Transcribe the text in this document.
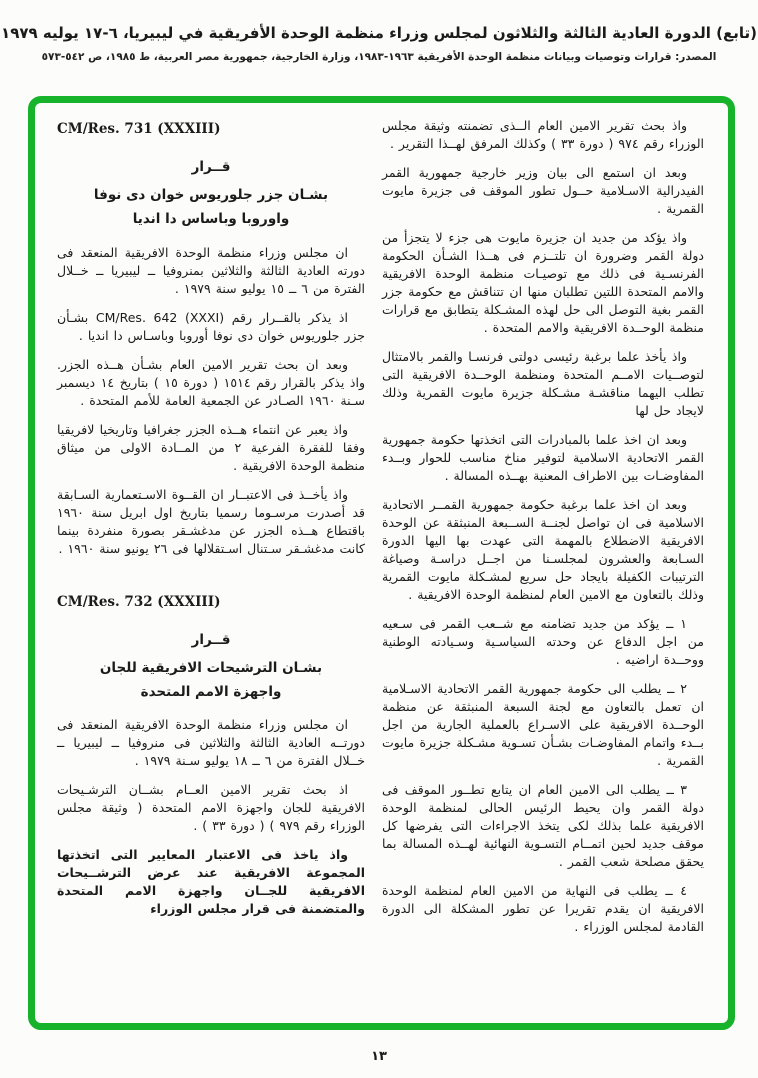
(تابع) الدورة العادية الثالثة والثلاثون لمجلس وزراء منظمة الوحدة الأفريقية في ليبيريا، ٦-١٧ يوليه ١٩٧٩
المصدر: قرارات وتوصيات وبيانات منظمة الوحدة الأفريقية ١٩٦٣-١٩٨٣، وزارة الخارجية، جمهورية مصر العربية، ط ١٩٨٥، ص ٥٤٢-٥٧٣

واذ بحث تقرير الامين العام الــذى تضمنته وثيقة مجلس الوزراء رقم ٩٧٤ ( دورة ٣٣ ) وكذلك المرفق لهــذا التقرير .

وبعد ان استمع الى بيان وزير خارجية جمهورية القمر الفيدرالية الاسـلامية حــول تطور الموقف فى جزيرة مايوت القمرية .

واذ يؤكد من جديد ان جزيرة مايوت هى جزء لا يتجزأ من دولة القمر وضرورة ان تلتــزم فى هــذا الشـأن الحكومة الفرنسـية فى ذلك مع توصيـات منظمة الوحدة الافريقية والامم المتحدة اللتين تطلبان منها ان تتناقش مع حكومة جزر القمر بغية التوصل الى حل لهذه المشـكلة يتطابق مع قرارات منظمة الوحــدة الافريقية والامم المتحدة .

واذ يأخذ علما برغبة رئيسى دولتى فرنسـا والقمر بالامتثال لتوصــيات الامــم المتحدة ومنظمة الوحــدة الافريقية التى تطلب اليهما مناقشـة مشـكلة جزيرة مايوت القمرية وذلك لايجاد حل لها

وبعد ان اخذ علما بالمبادرات التى اتخذتها حكومة جمهورية القمر الاتحادية الاسلامية لتوفير مناخ مناسب للحوار وبــدء المفاوضـات بين الاطراف المعنية بهــذه المسالة .

وبعد ان اخذ علما برغبة حكومة جمهورية القمــر الاتحادية الاسلامية فى ان تواصل لجنــة الســبعة المنبثقة عن الوحدة الافريقية الاضطلاع بالمهمة التى عهدت بها اليها الدورة السـابعة والعشرون لمجلسـنا من اجــل دراسـة وصياغة الترتيبات الكفيلة بايجاد حل سريع لمشـكلة مايوت القمرية وذلك بالتعاون مع الامين العام لمنظمة الوحدة الافريقية .

١ ــ يؤكد من جديد تضامنه مع شــعب القمر فى سـعيه من اجل الدفاع عن وحدته السياسـية وسـيادته الوطنية ووحــدة اراضيه .

٢ ــ يطلب الى حكومة جمهورية القمر الاتحادية الاسـلامية ان تعمل بالتعاون مع لجنة السبعة المنبثقة عن منظمة الوحــدة الافريقية على الاسـراع بالعملية الجارية من اجل بــدء واتمام المفاوضـات بشـأن تسـوية مشـكلة جزيرة مايوت القمرية .

٣ ــ يطلب الى الامين العام ان يتابع تطــور الموقف فى دولة القمر وان يحيط الرئيس الحالى لمنظمة الوحدة الافريقية علما بذلك لكى يتخذ الاجراءات التى يفرضها كل موقف جديد لحين اتمــام التسـوية النهائية لهــذه المسالة بما يحقق مصلحة شعب القمر .

٤ ــ يطلب فى النهاية من الامين العام لمنظمة الوحدة الافريقية ان يقدم تقريرا عن تطور المشكلة الى الدورة القادمة لمجلس الوزراء .

CM/Res. 731 (XXXIII)
قــرار
بشـان جزر جلوريوس خوان دى نوفا
واوروبا وباساس دا انديا

ان مجلس وزراء منظمة الوحدة الافريقية المنعقد فى دورته العادية الثالثة والثلاثين بمنروفيا ــ ليبيريا ــ خــلال الفترة من ٦ ــ ١٥ يوليو سنة ١٩٧٩ .

اذ يذكر بالقــرار رقم ‎CM/Res. 642 (XXXI)‎ بشـأن جزر جلوريوس خوان دى نوفا أوروبا وباسـاس دا انديا .

وبعد ان بحث تقرير الامين العام بشـأن هــذه الجزر. واذ يذكر بالقرار رقم ١٥١٤ ( دورة ١٥ ) بتاريخ ١٤ ديسمبر سـنة ١٩٦٠ الصـادر عن الجمعية العامة للأمم المتحدة .

واذ يعبر عن انتماء هــذه الجزر جغرافيا وتاريخيا لافريقيا وفقا للفقرة الفرعية ٢ من المــادة الاولى من ميثاق منظمة الوحدة الافريقية .

واذ يأخــذ فى الاعتبــار ان القــوة الاسـتعمارية السـابقة قد أصدرت مرسـوما رسميا بتاريخ اول ابريل سنة ١٩٦٠ باقتطاع هــذه الجزر عن مدغشـقر بصورة منفردة بينما كانت مدغشـقر سـتنال اسـتقلالها فى ٢٦ يونيو سنة ١٩٦٠ .

CM/Res. 732 (XXXIII)
قــرار
بشـان الترشيحات الافريقية للجان
واجهزة الامم المتحدة

ان مجلس وزراء منظمة الوحدة الافريقية المنعقد فى دورتــه العادية الثالثة والثلاثين فى منروفيا ــ ليبيريا ــ خــلال الفترة من ٦ ــ ١٨ يوليو سـنة ١٩٧٩ .

اذ بحث تقرير الامين العــام بشــان الترشـيحات الافريقية للجان واجهزة الامم المتحدة ( وثيقة مجلس الوزراء رقم ٩٧٩ ) ( دورة ٣٣ ) .

واذ ياخذ فى الاعتبار المعايير التى اتخذتها المجموعة الافريقية عند عرض الترشــيحات الافريقية للجــان واجهزة الامم المتحدة والمتضمنة فى قرار مجلس الوزراء

١٣
